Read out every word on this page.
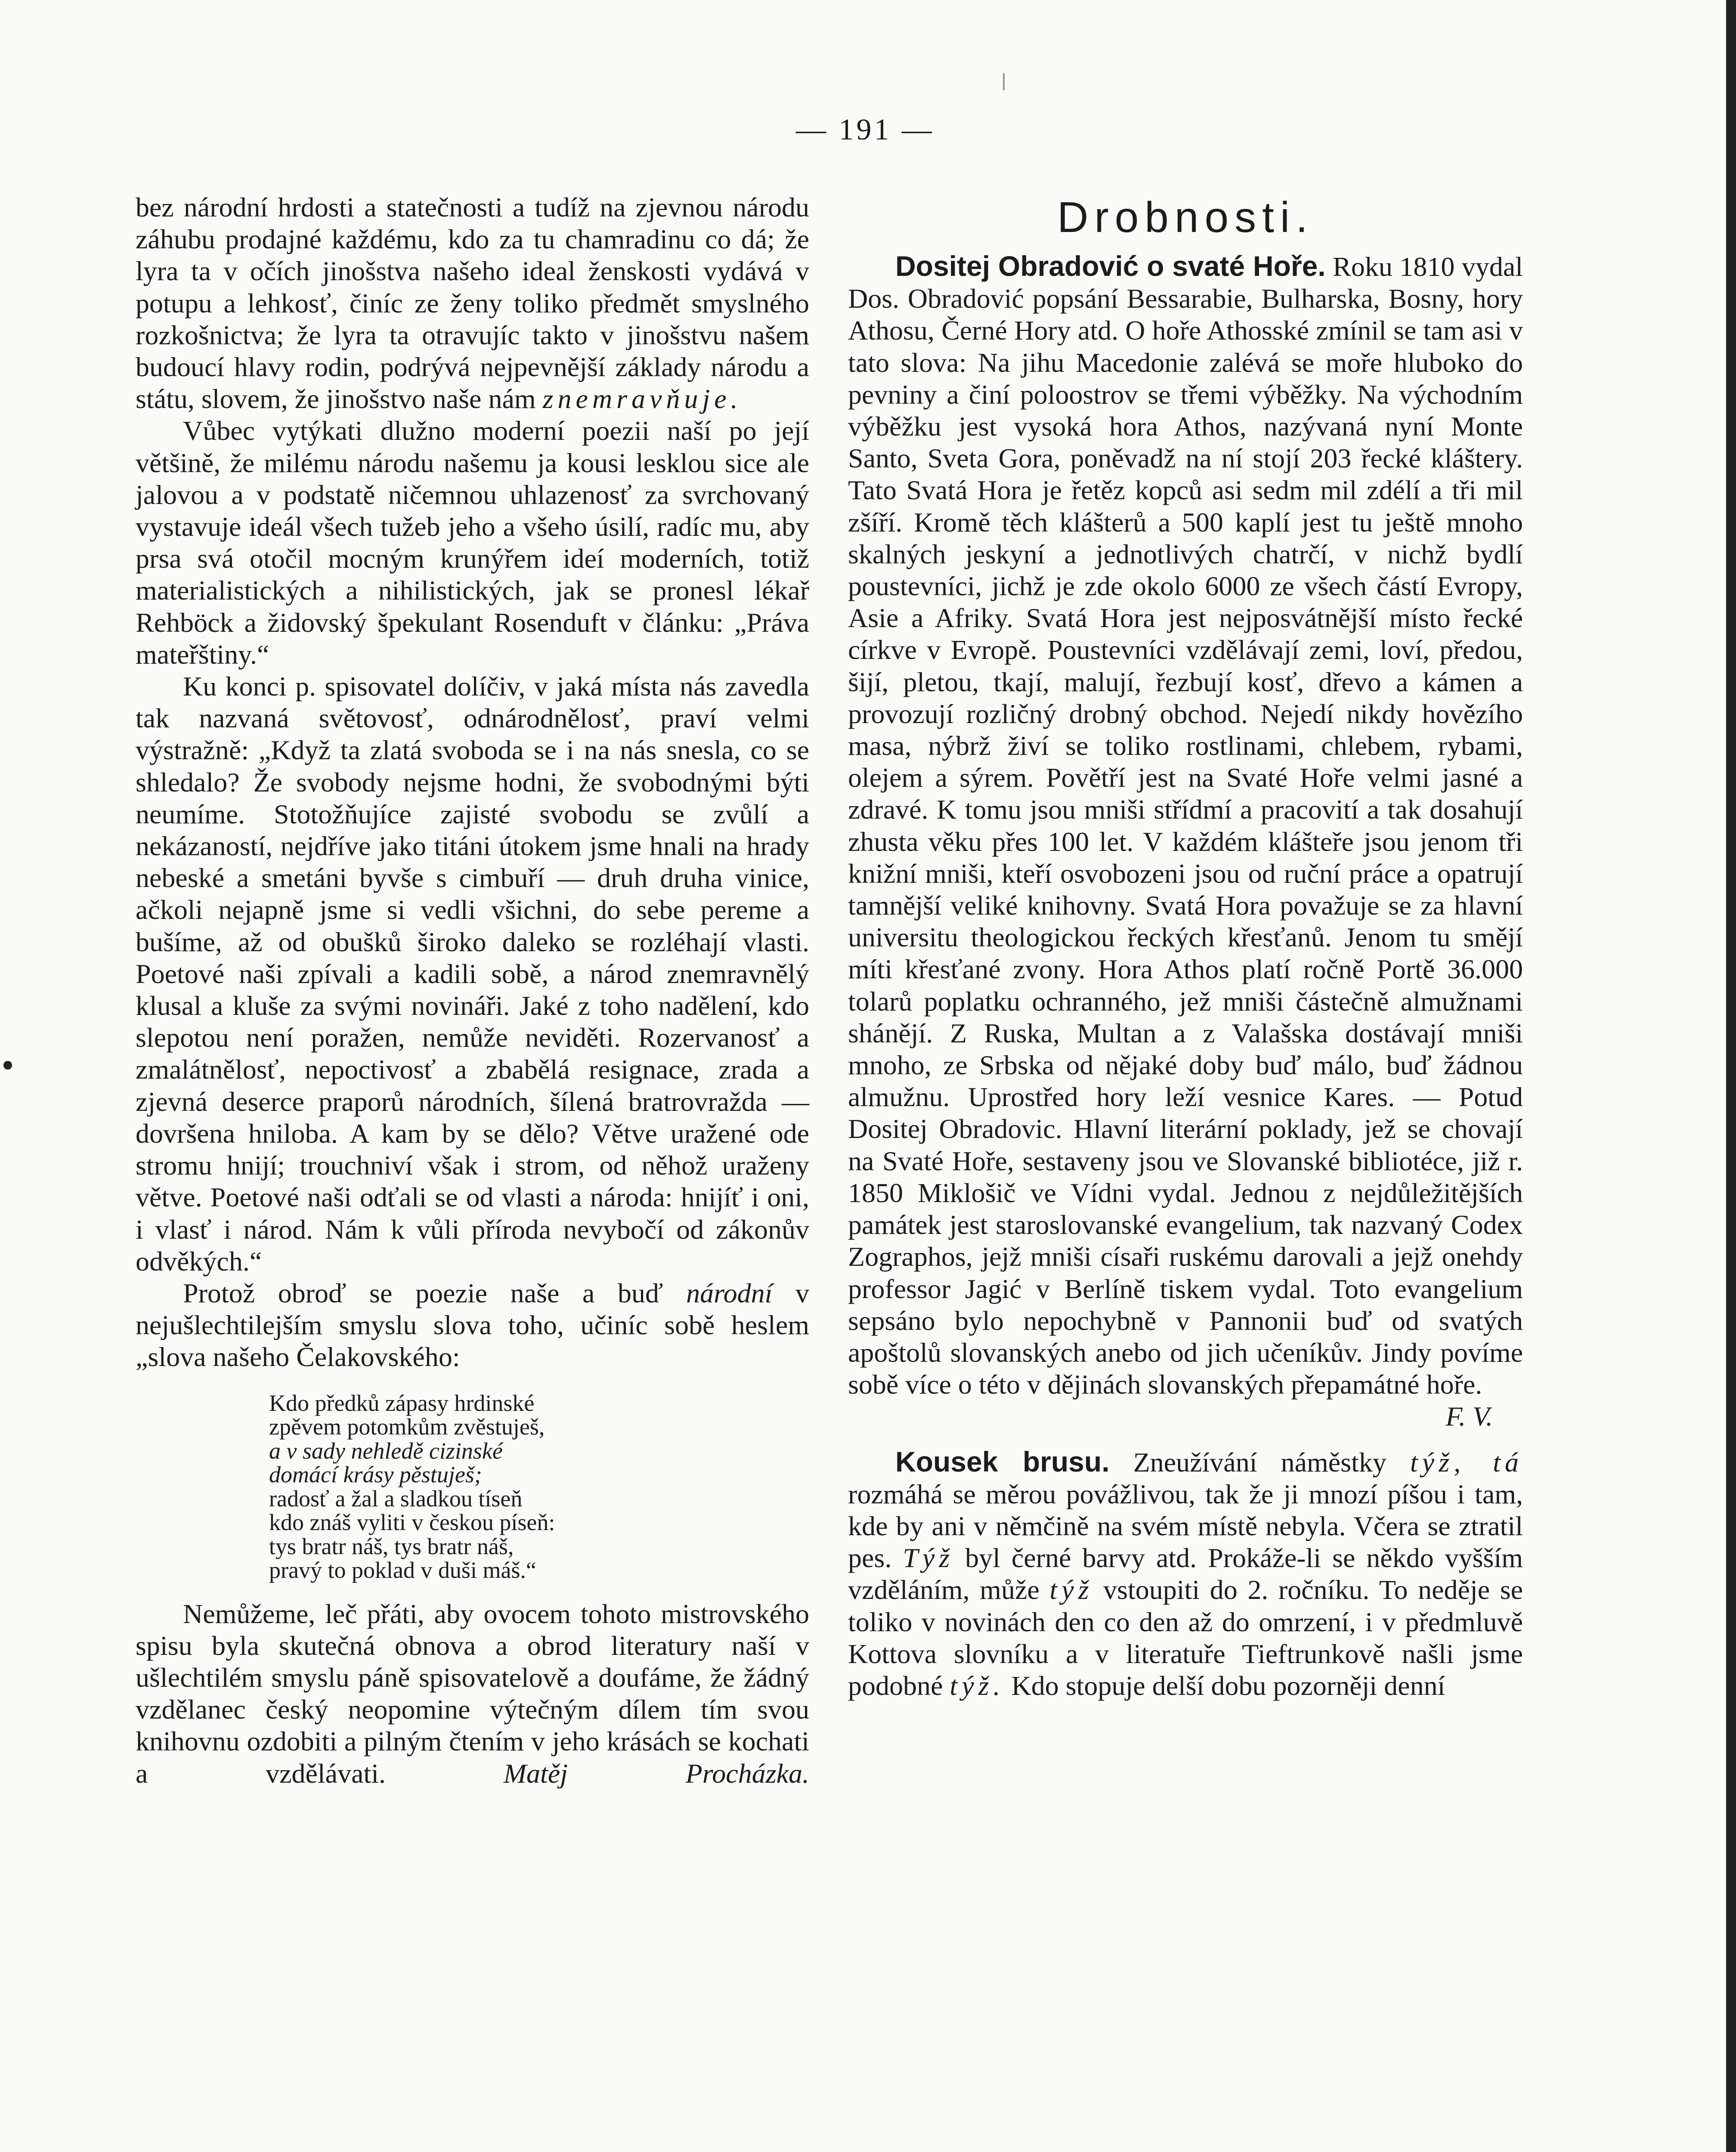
— 191 —

bez národní hrdosti a statečnosti a tudíž na zjevnou národu záhubu prodajné každému, kdo za tu chamradinu co dá; že lyra ta v očích jinošstva našeho ideal ženskosti vydává v potupu a lehkosť, činíc ze ženy toliko předmět smyslného rozkošnictva; že lyra ta otravujíc takto v jinošstvu našem budoucí hlavy rodin, podrývá nejpevnější základy národu a státu, slovem, že jinošstvo naše nám znemravňuje.

Vůbec vytýkati dlužno moderní poezii naší po její většině, že milému národu našemu ja kousi lesklou sice ale jalovou a v podstatě ničemnou uhlazenosť za svrchovaný vystavuje ideál všech tužeb jeho a všeho úsilí, radíc mu, aby prsa svá otočil mocným krunýřem ideí moderních, totiž materialistických a nihilistických, jak se pronesl lékař Rehböck a židovský špekulant Rosenduft v článku: „Práva mateřštiny.“

Ku konci p. spisovatel dolíčiv, v jaká místa nás zavedla tak nazvaná světovosť, odnárodnělosť, praví velmi výstražně: „Když ta zlatá svoboda se i na nás snesla, co se shledalo? Že svobody nejsme hodni, že svobodnými býti neumíme. Stotožňujíce zajisté svobodu se zvůlí a nekázaností, nejdříve jako titáni útokem jsme hnali na hrady nebeské a smetáni byvše s cimbuří — druh druha vinice, ačkoli nejapně jsme si vedli všichni, do sebe pereme a bušíme, až od obušků široko daleko se rozléhají vlasti. Poetové naši zpívali a kadili sobě, a národ znemravnělý klusal a kluše za svými novináři. Jaké z toho nadělení, kdo slepotou není poražen, nemůže neviděti. Rozervanosť a zmalátnělosť, nepoctivosť a zbabělá resignace, zrada a zjevná deserce praporů národních, šílená bratrovražda — dovršena hniloba. A kam by se dělo? Větve uražené ode stromu hnijí; trouchniví však i strom, od něhož uraženy větve. Poetové naši odťali se od vlasti a národa: hnijíť i oni, i vlasť i národ. Nám k vůli příroda nevybočí od zákonův odvěkých.“

Protož obroď se poezie naše a buď národní v nejušlechtilejším smyslu slova toho, učiníc sobě heslem „slova našeho Čelakovského:

Kdo předků zápasy hrdinské
zpěvem potomkům zvěstuješ,
a v sady nehledě cizinské
domácí krásy pěstuješ;
radosť a žal a sladkou tíseň
kdo znáš vyliti v českou píseň:
tys bratr náš, tys bratr náš,
pravý to poklad v duši máš.“

Nemůžeme, leč přáti, aby ovocem tohoto mistrovského spisu byla skutečná obnova a obrod literatury naší v ušlechtilém smyslu páně spisovatelově a doufáme, že žádný vzdělanec český neopomine výtečným dílem tím svou knihovnu ozdobiti a pilným čtením v jeho krásách se kochati a vzdělávati.	Matěj Procházka.

Drobnosti.

Dositej Obradović o svaté Hoře. Roku 1810 vydal Dos. Obradović popsání Bessarabie, Bulharska, Bosny, hory Athosu, Černé Hory atd. O hoře Athosské zmínil se tam asi v tato slova: Na jihu Macedonie zalévá se moře hluboko do pevniny a činí poloostrov se třemi výběžky. Na východním výběžku jest vysoká hora Athos, nazývaná nyní Monte Santo, Sveta Gora, poněvadž na ní stojí 203 řecké kláštery. Tato Svatá Hora je řetěz kopců asi sedm mil zdélí a tři mil zšíří. Kromě těch klášterů a 500 kaplí jest tu ještě mnoho skalných jeskyní a jednotlivých chatrčí, v nichž bydlí poustevníci, jichž je zde okolo 6000 ze všech částí Evropy, Asie a Afriky. Svatá Hora jest nejposvátnější místo řecké církve v Evropě. Poustevníci vzdělávají zemi, loví, předou, šijí, pletou, tkají, malují, řezbují kosť, dřevo a kámen a provozují rozličný drobný obchod. Nejedí nikdy hovězího masa, nýbrž živí se toliko rostlinami, chlebem, rybami, olejem a sýrem. Povětří jest na Svaté Hoře velmi jasné a zdravé. K tomu jsou mniši střídmí a pracovití a tak dosahují zhusta věku přes 100 let. V každém klášteře jsou jenom tři knižní mniši, kteří osvobozeni jsou od ruční práce a opatrují tamnější veliké knihovny. Svatá Hora považuje se za hlavní universitu theologickou řeckých křesťanů. Jenom tu smějí míti křesťané zvony. Hora Athos platí ročně Portě 36.000 tolarů poplatku ochranného, jež mniši částečně almužnami shánějí. Z Ruska, Multan a z Valašska dostávají mniši mnoho, ze Srbska od nějaké doby buď málo, buď žádnou almužnu. Uprostřed hory leží vesnice Kares. — Potud Dositej Obradovic. Hlavní literární poklady, jež se chovají na Svaté Hoře, sestaveny jsou ve Slovanské bibliotéce, již r. 1850 Miklošič ve Vídni vydal. Jednou z nejdůležitějších památek jest staroslovanské evangelium, tak nazvaný Codex Zographos, jejž mniši císaři ruskému darovali a jejž onehdy professor Jagić v Berlíně tiskem vydal. Toto evangelium sepsáno bylo nepochybně v Pannonii buď od svatých apoštolů slovanských anebo od jich učeníkův. Jindy povíme sobě více o této v dějinách slovanských přepamátné hoře.

F. V.

Kousek brusu. Zneužívání náměstky týž, tá rozmáhá se měrou povážlivou, tak že ji mnozí píšou i tam, kde by ani v němčině na svém místě nebyla. Včera se ztratil pes. Týž byl černé barvy atd. Prokáže-li se někdo vyšším vzděláním, může týž vstoupiti do 2. ročníku. To neděje se toliko v novinách den co den až do omrzení, i v předmluvě Kottova slovníku a v literatuře Tieftrunkově našli jsme podobné týž. Kdo stopuje delší dobu pozorněji denní
